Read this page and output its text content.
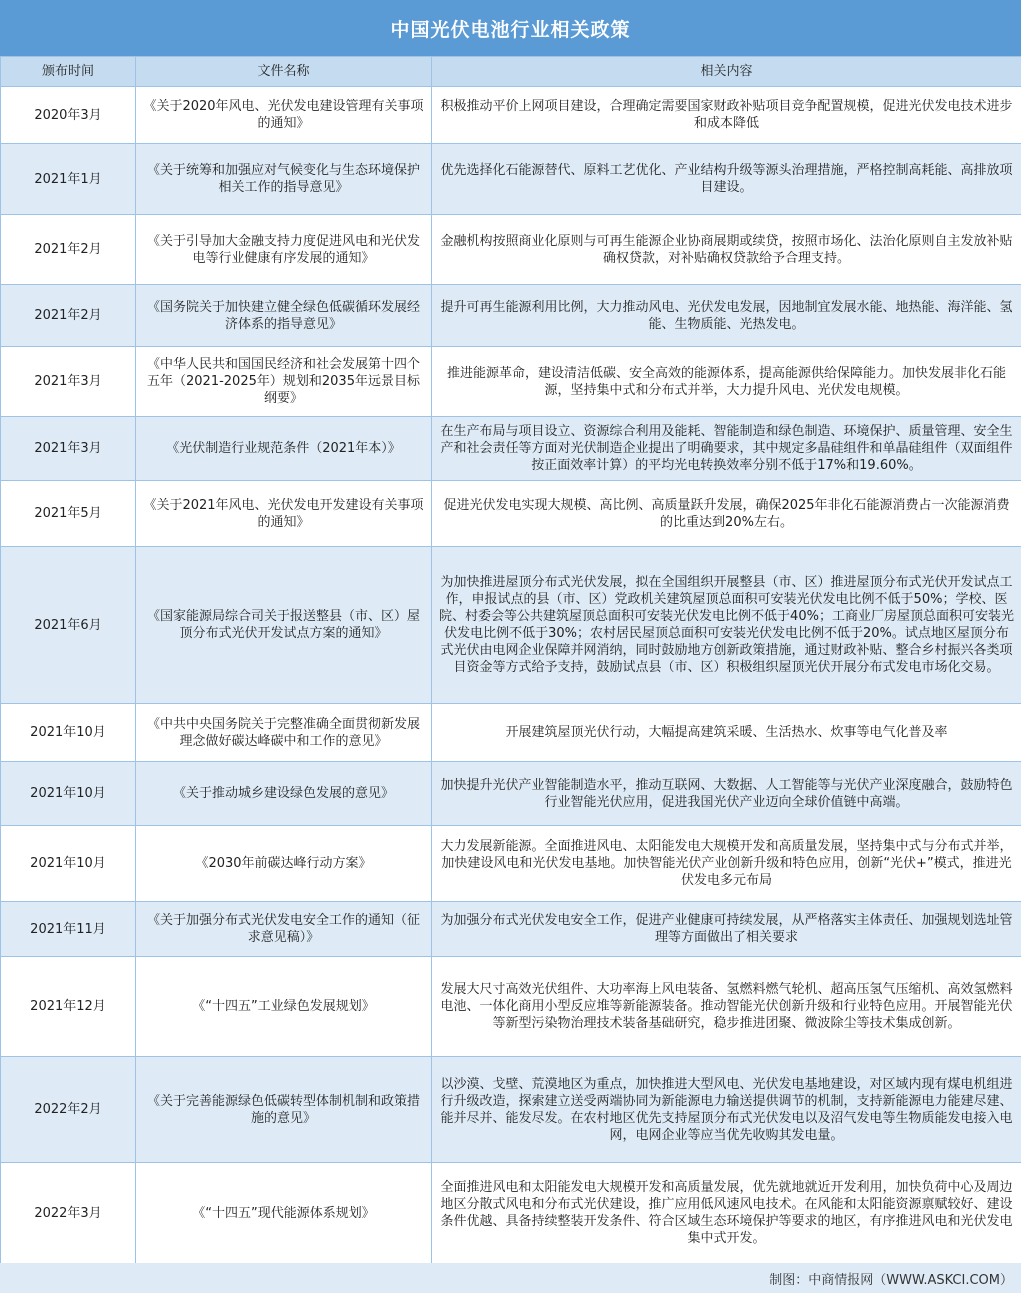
中国光伏电池行业相关政策
颁布时间	文件名称	相关内容
2020年3月	《关于2020年风电、光伏发电建设管理有关事项的通知》	积极推动平价上网项目建设，合理确定需要国家财政补贴项目竞争配置规模，促进光伏发电技术进步和成本降低
2021年1月	《关于统筹和加强应对气候变化与生态环境保护相关工作的指导意见》	优先选择化石能源替代、原料工艺优化、产业结构升级等源头治理措施，严格控制高耗能、高排放项目建设。
2021年2月	《关于引导加大金融支持力度促进风电和光伏发电等行业健康有序发展的通知》	金融机构按照商业化原则与可再生能源企业协商展期或续贷，按照市场化、法治化原则自主发放补贴确权贷款，对补贴确权贷款给予合理支持。
2021年2月	《国务院关于加快建立健全绿色低碳循环发展经济体系的指导意见》	提升可再生能源利用比例，大力推动风电、光伏发电发展，因地制宜发展水能、地热能、海洋能、氢能、生物质能、光热发电。
2021年3月	《中华人民共和国国民经济和社会发展第十四个五年（2021-2025年）规划和2035年远景目标纲要》	推进能源革命，建设清洁低碳、安全高效的能源体系，提高能源供给保障能力。加快发展非化石能源，坚持集中式和分布式并举，大力提升风电、光伏发电规模。
2021年3月	《光伏制造行业规范条件（2021年本）》	在生产布局与项目设立、资源综合利用及能耗、智能制造和绿色制造、环境保护、质量管理、安全生产和社会责任等方面对光伏制造企业提出了明确要求，其中规定多晶硅组件和单晶硅组件（双面组件按正面效率计算）的平均光电转换效率分别不低于17%和19.60%。
2021年5月	《关于2021年风电、光伏发电开发建设有关事项的通知》	促进光伏发电实现大规模、高比例、高质量跃升发展，确保2025年非化石能源消费占一次能源消费的比重达到20%左右。
2021年6月	《国家能源局综合司关于报送整县（市、区）屋顶分布式光伏开发试点方案的通知》	为加快推进屋顶分布式光伏发展，拟在全国组织开展整县（市、区）推进屋顶分布式光伏开发试点工作，申报试点的县（市、区）党政机关建筑屋顶总面积可安装光伏发电比例不低于50%；学校、医院、村委会等公共建筑屋顶总面积可安装光伏发电比例不低于40%；工商业厂房屋顶总面积可安装光伏发电比例不低于30%；农村居民屋顶总面积可安装光伏发电比例不低于20%。试点地区屋顶分布式光伏由电网企业保障并网消纳，同时鼓励地方创新政策措施，通过财政补贴、整合乡村振兴各类项目资金等方式给予支持，鼓励试点县（市、区）积极组织屋顶光伏开展分布式发电市场化交易。
2021年10月	《中共中央国务院关于完整准确全面贯彻新发展理念做好碳达峰碳中和工作的意见》	开展建筑屋顶光伏行动，大幅提高建筑采暖、生活热水、炊事等电气化普及率
2021年10月	《关于推动城乡建设绿色发展的意见》	加快提升光伏产业智能制造水平，推动互联网、大数据、人工智能等与光伏产业深度融合，鼓励特色行业智能光伏应用，促进我国光伏产业迈向全球价值链中高端。
2021年10月	《2030年前碳达峰行动方案》	大力发展新能源。全面推进风电、太阳能发电大规模开发和高质量发展，坚持集中式与分布式并举，加快建设风电和光伏发电基地。加快智能光伏产业创新升级和特色应用，创新“光伏+”模式，推进光伏发电多元布局
2021年11月	《关于加强分布式光伏发电安全工作的通知（征求意见稿）》	为加强分布式光伏发电安全工作，促进产业健康可持续发展，从严格落实主体责任、加强规划选址管理等方面做出了相关要求
2021年12月	《“十四五”工业绿色发展规划》	发展大尺寸高效光伏组件、大功率海上风电装备、氢燃料燃气轮机、超高压氢气压缩机、高效氢燃料电池、一体化商用小型反应堆等新能源装备。推动智能光伏创新升级和行业特色应用。开展智能光伏等新型污染物治理技术装备基础研究，稳步推进团聚、微波除尘等技术集成创新。
2022年2月	《关于完善能源绿色低碳转型体制机制和政策措施的意见》	以沙漠、戈壁、荒漠地区为重点，加快推进大型风电、光伏发电基地建设，对区域内现有煤电机组进行升级改造，探索建立送受两端协同为新能源电力输送提供调节的机制，支持新能源电力能建尽建、能并尽并、能发尽发。在农村地区优先支持屋顶分布式光伏发电以及沼气发电等生物质能发电接入电网，电网企业等应当优先收购其发电量。
2022年3月	《“十四五”现代能源体系规划》	全面推进风电和太阳能发电大规模开发和高质量发展，优先就地就近开发利用，加快负荷中心及周边地区分散式风电和分布式光伏建设，推广应用低风速风电技术。在风能和太阳能资源禀赋较好、建设条件优越、具备持续整装开发条件、符合区域生态环境保护等要求的地区，有序推进风电和光伏发电集中式开发。
制图：中商情报网（WWW.ASKCI.COM）
